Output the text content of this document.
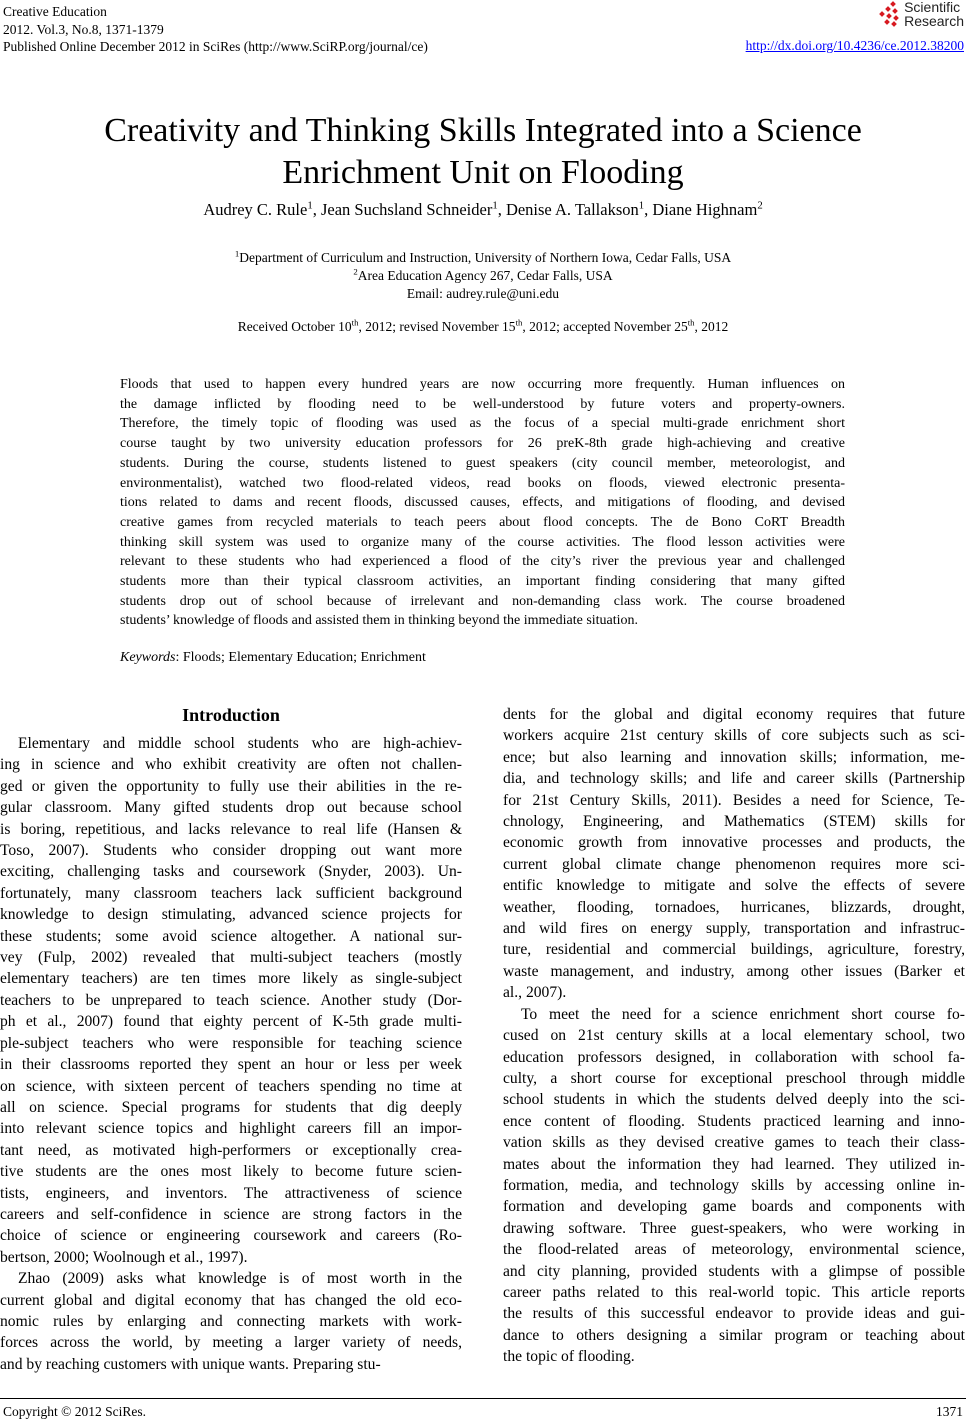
Creative Education
2012. Vol.3, No.8, 1371-1379
Published Online December 2012 in SciRes (http://www.SciRP.org/journal/ce)
Scientific
Research
http://dx.doi.org/10.4236/ce.2012.38200
Creativity and Thinking Skills Integrated into a Science
Enrichment Unit on Flooding
Audrey C. Rule$^1$, Jean Suchsland Schneider$^1$, Denise A. Tallakson$^1$, Diane Highnam$^2$
$^1$Department of Curriculum and Instruction, University of Northern Iowa, Cedar Falls, USA
$^2$Area Education Agency 267, Cedar Falls, USA
Email: audrey.rule@uni.edu
Received October 10th, 2012; revised November 15th, 2012; accepted November 25th, 2012
Floods that used to happen every hundred years are now occurring more frequently. Human influences on
the damage inflicted by flooding need to be well-understood by future voters and property-owners.
Therefore, the timely topic of flooding was used as the focus of a special multi-grade enrichment short
course taught by two university education professors for 26 preK-8th grade high-achieving and creative
students. During the course, students listened to guest speakers (city council member, meteorologist, and
environmentalist), watched two flood-related videos, read books on floods, viewed electronic presenta-
tions related to dams and recent floods, discussed causes, effects, and mitigations of flooding, and devised
creative games from recycled materials to teach peers about flood concepts. The de Bono CoRT Breadth
thinking skill system was used to organize many of the course activities. The flood lesson activities were
relevant to these students who had experienced a flood of the city’s river the previous year and challenged
students more than their typical classroom activities, an important finding considering that many gifted
students drop out of school because of irrelevant and non-demanding class work. The course broadened
students’ knowledge of floods and assisted them in thinking beyond the immediate situation.
Keywords: Floods; Elementary Education; Enrichment
Introduction
Elementary and middle school students who are high-achiev-
ing in science and who exhibit creativity are often not challen-
ged or given the opportunity to fully use their abilities in the re-
gular classroom. Many gifted students drop out because school
is boring, repetitious, and lacks relevance to real life (Hansen &
Toso, 2007). Students who consider dropping out want more
exciting, challenging tasks and coursework (Snyder, 2003). Un-
fortunately, many classroom teachers lack sufficient background
knowledge to design stimulating, advanced science projects for
these students; some avoid science altogether. A national sur-
vey (Fulp, 2002) revealed that multi-subject teachers (mostly
elementary teachers) are ten times more likely as single-subject
teachers to be unprepared to teach science. Another study (Dor-
ph et al., 2007) found that eighty percent of K-5th grade multi-
ple-subject teachers who were responsible for teaching science
in their classrooms reported they spent an hour or less per week
on science, with sixteen percent of teachers spending no time at
all on science. Special programs for students that dig deeply
into relevant science topics and highlight careers fill an impor-
tant need, as motivated high-performers or exceptionally crea-
tive students are the ones most likely to become future scien-
tists, engineers, and inventors. The attractiveness of science
careers and self-confidence in science are strong factors in the
choice of science or engineering coursework and careers (Ro-
bertson, 2000; Woolnough et al., 1997).
Zhao (2009) asks what knowledge is of most worth in the
current global and digital economy that has changed the old eco-
nomic rules by enlarging and connecting markets with work-
forces across the world, by meeting a larger variety of needs,
and by reaching customers with unique wants. Preparing stu-
dents for the global and digital economy requires that future
workers acquire 21st century skills of core subjects such as sci-
ence; but also learning and innovation skills; information, me-
dia, and technology skills; and life and career skills (Partnership
for 21st Century Skills, 2011). Besides a need for Science, Te-
chnology, Engineering, and Mathematics (STEM) skills for
economic growth from innovative processes and products, the
current global climate change phenomenon requires more sci-
entific knowledge to mitigate and solve the effects of severe
weather, flooding, tornadoes, hurricanes, blizzards, drought,
and wild fires on energy supply, transportation and infrastruc-
ture, residential and commercial buildings, agriculture, forestry,
waste management, and industry, among other issues (Barker et
al., 2007).
To meet the need for a science enrichment short course fo-
cused on 21st century skills at a local elementary school, two
education professors designed, in collaboration with school fa-
culty, a short course for exceptional preschool through middle
school students in which the students delved deeply into the sci-
ence content of flooding. Students practiced learning and inno-
vation skills as they devised creative games to teach their class-
mates about the information they had learned. They utilized in-
formation, media, and technology skills by accessing online in-
formation and developing game boards and components with
drawing software. Three guest-speakers, who were working in
the flood-related areas of meteorology, environmental science,
and city planning, provided students with a glimpse of possible
career paths related to this real-world topic. This article reports
the results of this successful endeavor to provide ideas and gui-
dance to others designing a similar program or teaching about
the topic of flooding.
Copyright © 2012 SciRes.	1371
